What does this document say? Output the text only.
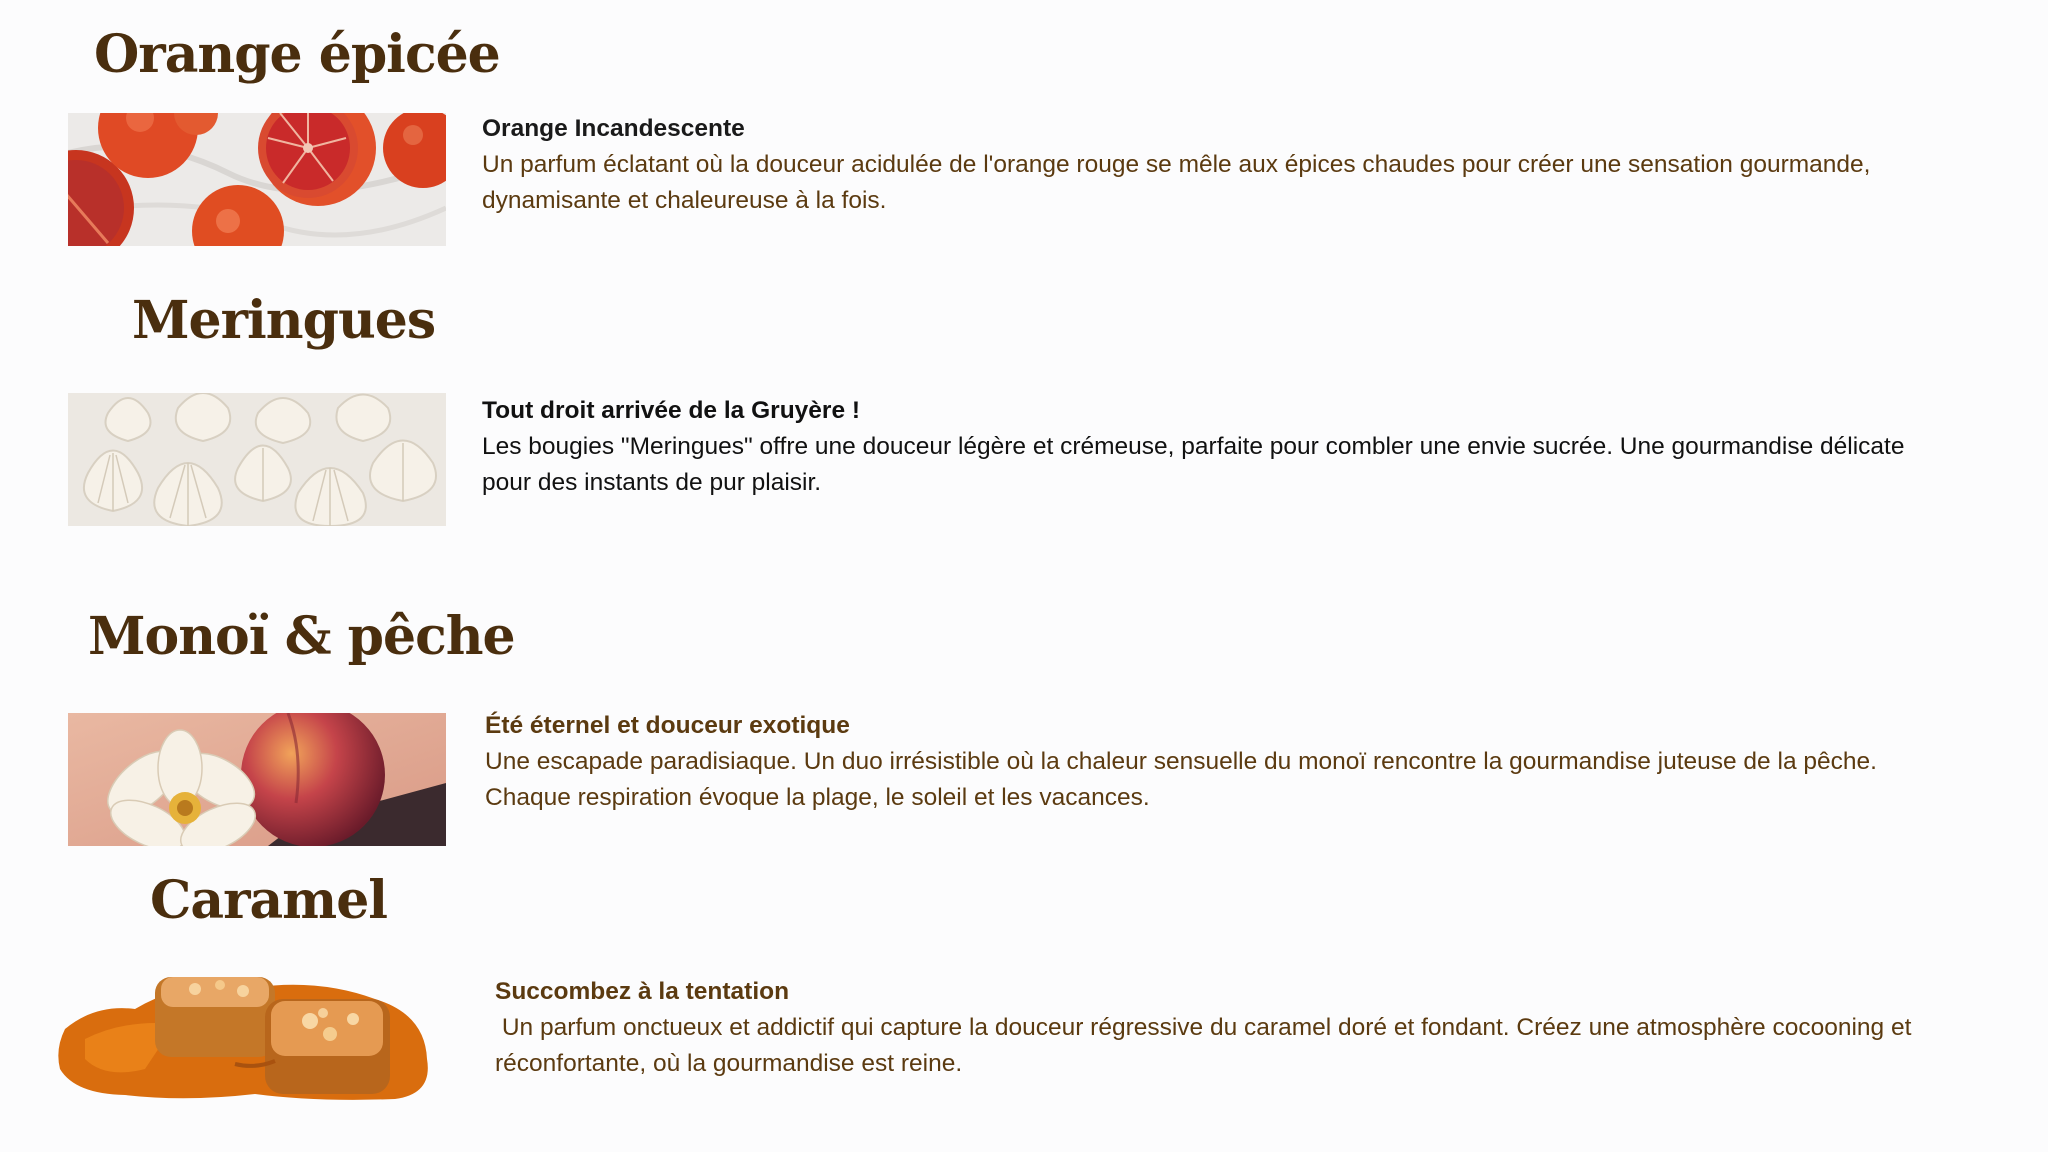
Orange épicée
Orange Incandescente
Un parfum éclatant où la douceur acidulée de l'orange rouge se mêle aux épices chaudes pour créer une sensation gourmande, dynamisante et chaleureuse à la fois.
Meringues
Tout droit arrivée de la Gruyère !
Les bougies "Meringues" offre une douceur légère et crémeuse, parfaite pour combler une envie sucrée. Une gourmandise délicate pour des instants de pur plaisir.
Monoï & pêche
Été éternel et douceur exotique
Une escapade paradisiaque. Un duo irrésistible où la chaleur sensuelle du monoï rencontre la gourmandise juteuse de la pêche. Chaque respiration évoque la plage, le soleil et les vacances.
Caramel
Succombez à la tentation
Un parfum onctueux et addictif qui capture la douceur régressive du caramel doré et fondant. Créez une atmosphère cocooning et réconfortante, où la gourmandise est reine.
